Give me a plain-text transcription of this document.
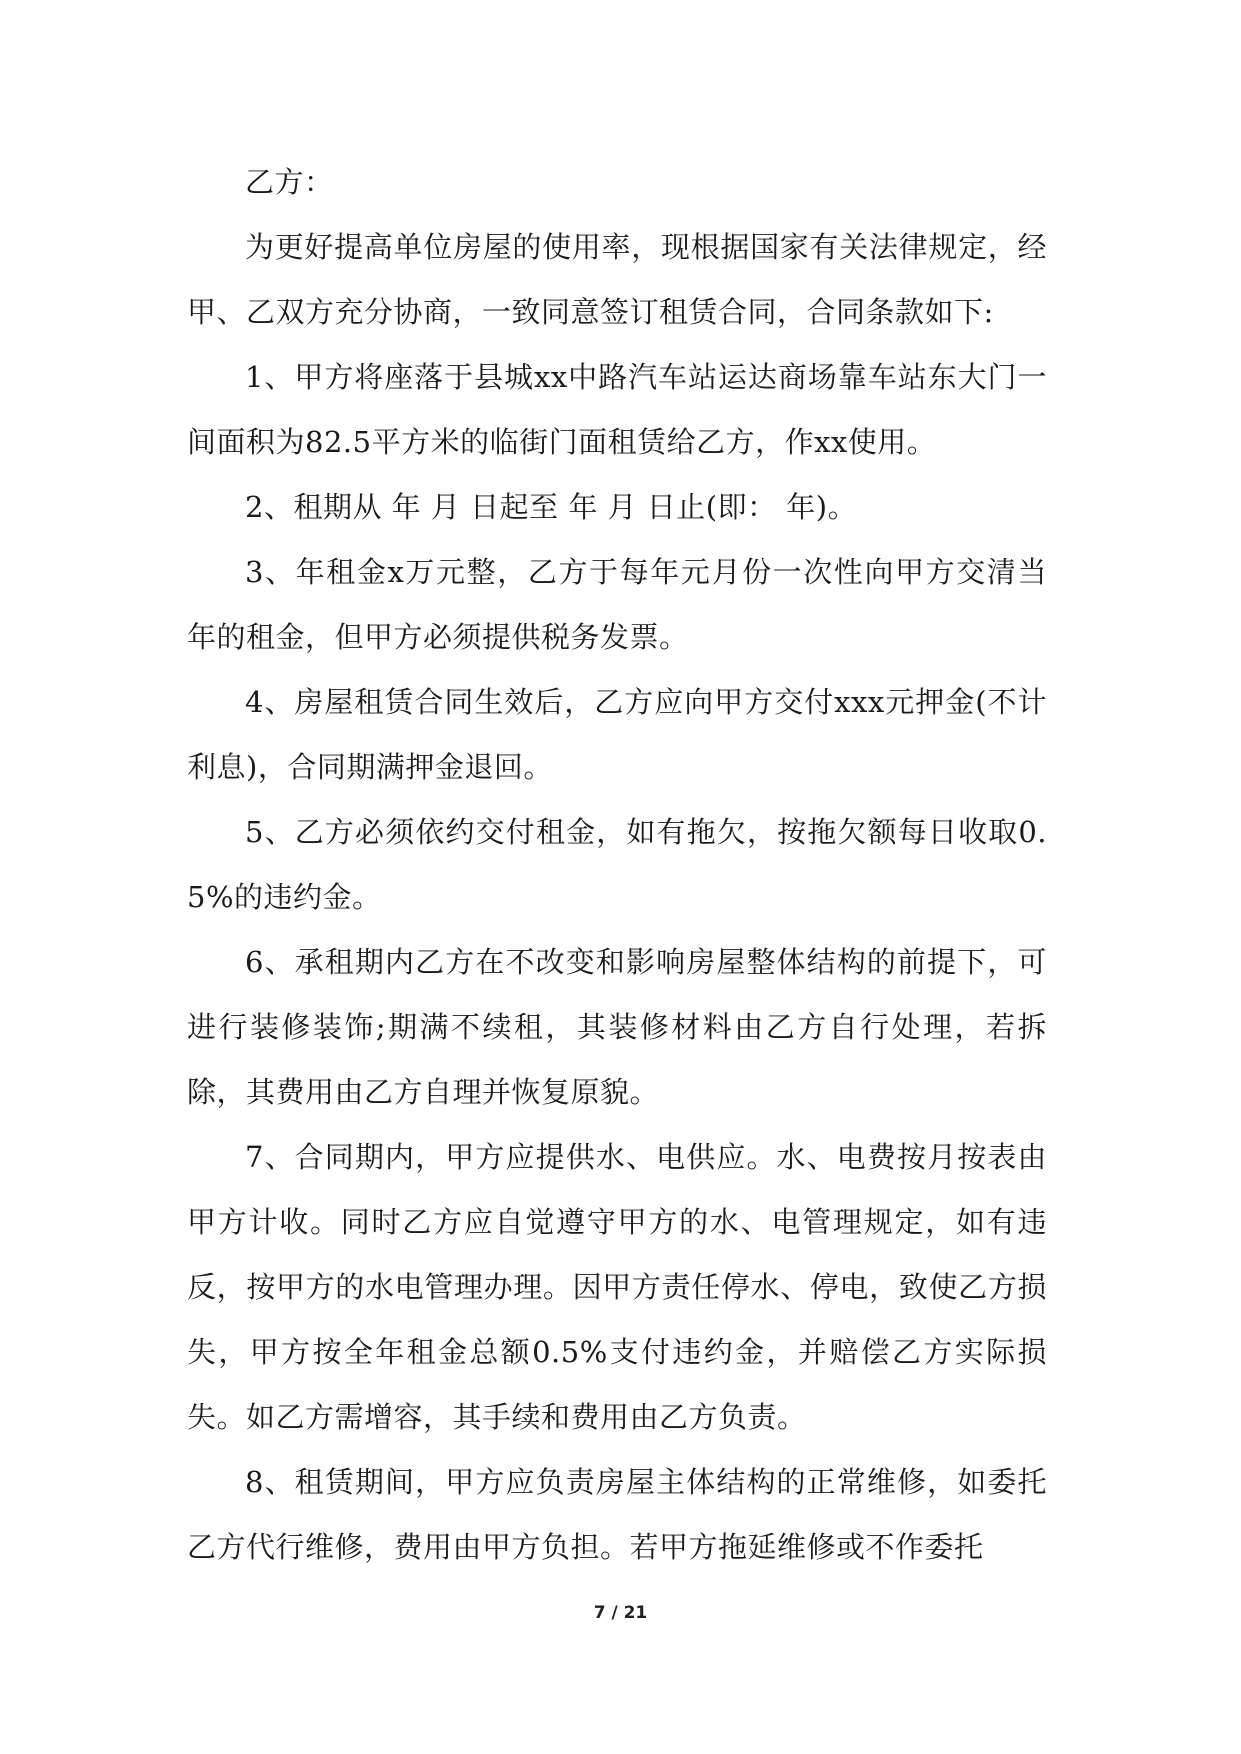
乙方：

为更好提高单位房屋的使用率，现根据国家有关法律规定，经甲、乙双方充分协商，一致同意签订租赁合同，合同条款如下:

1、甲方将座落于县城xx中路汽车站运达商场靠车站东大门一间面积为82.5平方米的临街门面租赁给乙方，作xx使用。

2、租期从 年 月 日起至 年 月 日止(即： 年)。

3、年租金x万元整，乙方于每年元月份一次性向甲方交清当年的租金，但甲方必须提供税务发票。

4、房屋租赁合同生效后，乙方应向甲方交付xxx元押金(不计利息)，合同期满押金退回。

5、乙方必须依约交付租金，如有拖欠，按拖欠额每日收取0.5%的违约金。

6、承租期内乙方在不改变和影响房屋整体结构的前提下，可进行装修装饰;期满不续租，其装修材料由乙方自行处理，若拆除，其费用由乙方自理并恢复原貌。

7、合同期内，甲方应提供水、电供应。水、电费按月按表由甲方计收。同时乙方应自觉遵守甲方的水、电管理规定，如有违反，按甲方的水电管理办理。因甲方责任停水、停电，致使乙方损失，甲方按全年租金总额0.5%支付违约金，并赔偿乙方实际损失。如乙方需增容，其手续和费用由乙方负责。

8、租赁期间，甲方应负责房屋主体结构的正常维修，如委托乙方代行维修，费用由甲方负担。若甲方拖延维修或不作委托

7 / 21
